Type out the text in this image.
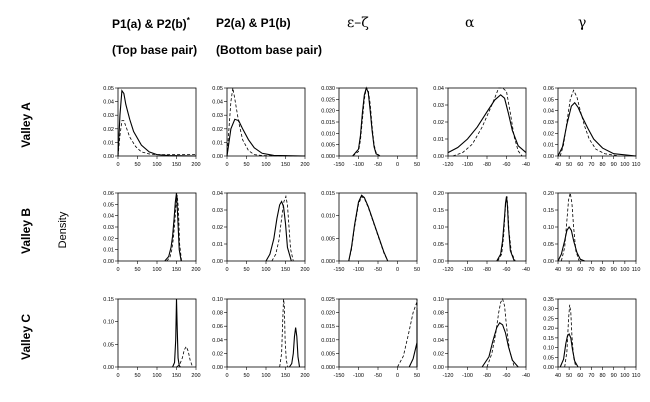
P1(a) & P2(b)*
(Top base pair)
P2(a) & P1(b)
(Bottom base pair)
ε–ζ	α	γ
Valley A
Valley B
Valley C
Density
0	50 100 150 200
0.00
0.01
0.02
0.03
0.04
0.05
0	50 100 150 200
0.00
0.01
0.02
0.03
0.04
0.05
-150 -100 -50	0	50
0.000
0.005
0.010
0.015
0.020
0.025
0.030
-120 -100 -80 -60 -40
0.00
0.01
0.02
0.03
0.04
40 50 60 70 80 90 100 110
0.00
0.01
0.02
0.03
0.04
0.05
0.06
0	50 100 150 200
0.00
0.01
0.02
0.03
0.04
0.05
0.06
0	50 100 150 200
0.00
0.01
0.02
0.03
0.04
-150 -100 -50	0	50
0.000
0.005
0.010
0.015
-120 -100 -80 -60 -40
0.00
0.05
0.10
0.15
0.20
40 50 60 70 80 90 100 110
0.00
0.05
0.10
0.15
0.20
0	50 100 150 200
0.00
0.05
0.10
0.15
0	50 100 150 200
0.00
0.02
0.04
0.06
0.08
0.10
-150 -100 -50	0	50
0.000
0.005
0.010
0.015
0.020
0.025
-120 -100 -80 -60 -40
0.00
0.02
0.04
0.06
0.08
0.10
40 50 60 70 80 90 100 110
0.00
0.05
0.10
0.15
0.20
0.25
0.30
0.35
